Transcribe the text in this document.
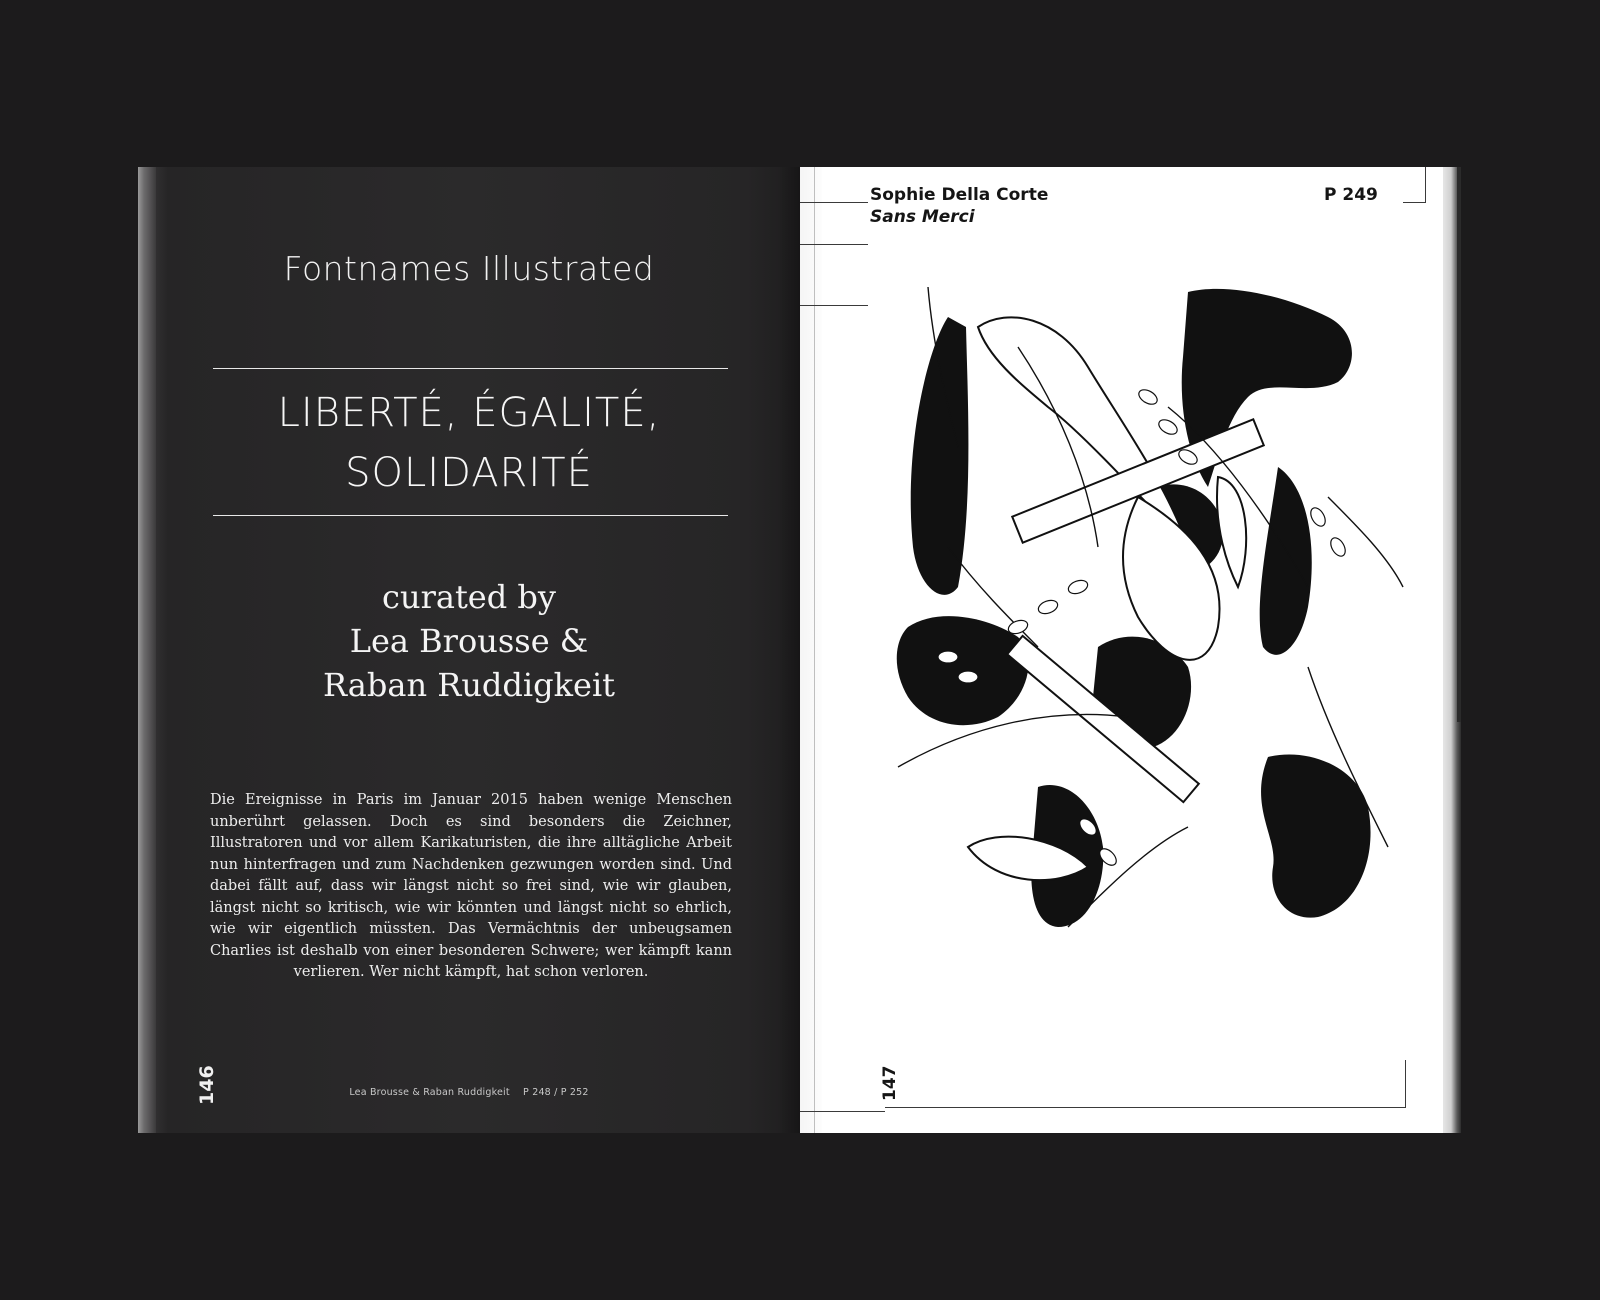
Fontnames Illustrated
LIBERTÉ, ÉGALITÉ,
SOLIDARITÉ
curated by
Lea Brousse &
Raban Ruddigkeit
Die Ereignisse in Paris im Januar 2015 haben wenige Menschen unberührt gelassen. Doch es sind besonders die Zeichner, Illustratoren und vor allem Karikaturisten, die ihre alltägliche Arbeit nun hinterfragen und zum Nachdenken gezwungen worden sind. Und dabei fällt auf, dass wir längst nicht so frei sind, wie wir glauben, längst nicht so kritisch, wie wir könnten und längst nicht so ehrlich, wie wir eigentlich müssten. Das Vermächtnis der unbeugsamen Charlies ist deshalb von einer besonderen Schwere; wer kämpft kann verlieren. Wer nicht kämpft, hat schon verloren.
146	Lea Brousse & Raban Ruddigkeit P 248 / P 252
Sophie Della Corte
Sans Merci
P 249
147
